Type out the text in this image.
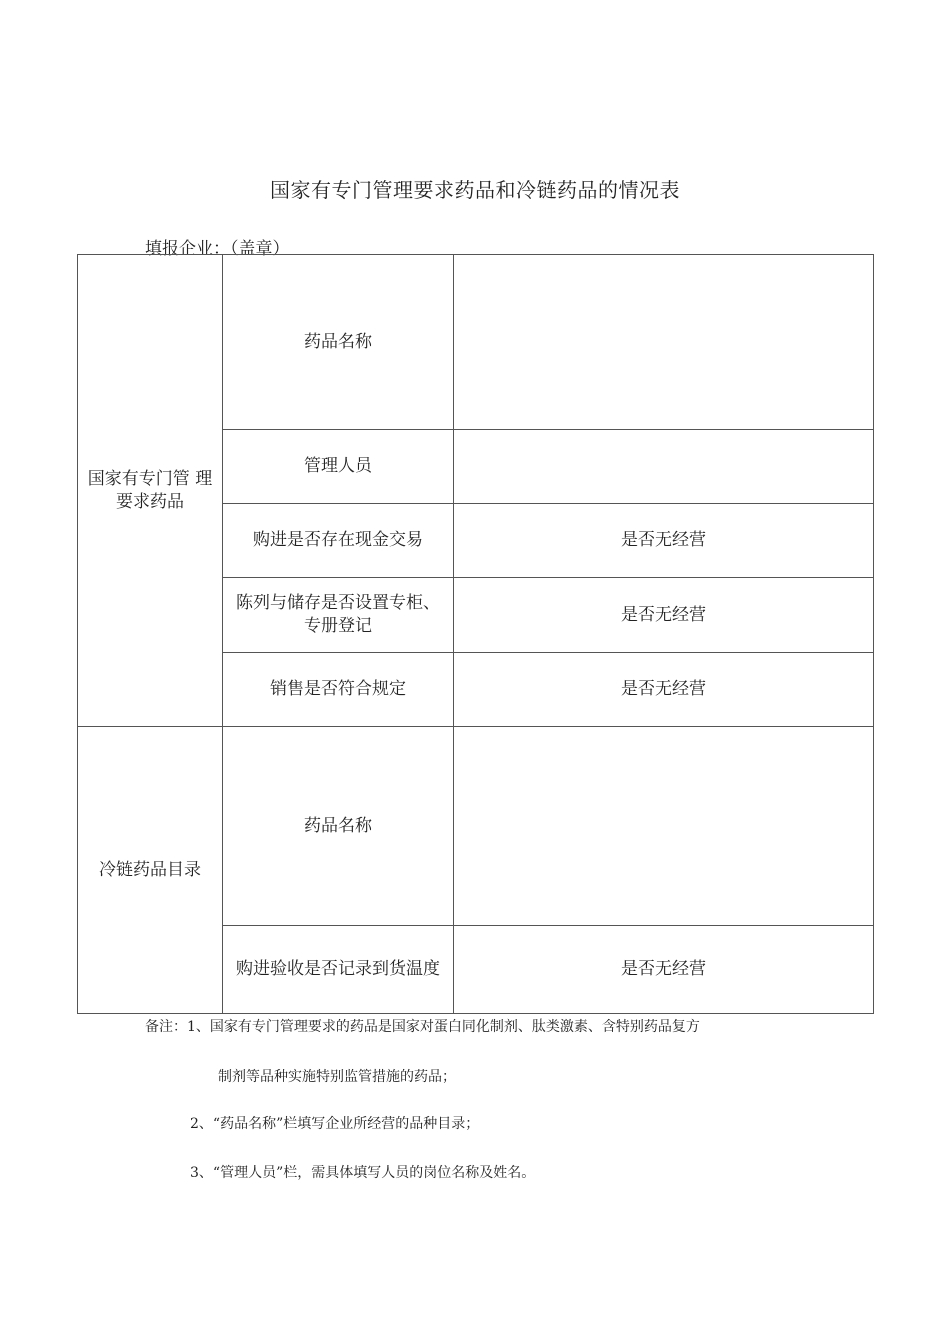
国家有专门管理要求药品和冷链药品的情况表
填报企业：（盖章）
国家有专门管 理要求药品	药品名称	
	管理人员	
	购进是否存在现金交易	是否无经营
	陈列与储存是否设置专柜、专册登记	是否无经营
	销售是否符合规定	是否无经营
冷链药品目录	药品名称	
	购进验收是否记录到货温度	是否无经营
备注：1、国家有专门管理要求的药品是国家对蛋白同化制剂、肽类激素、含特别药品复方
制剂等品种实施特别监管措施的药品；
2、“药品名称”栏填写企业所经营的品种目录；
3、“管理人员”栏，需具体填写人员的岗位名称及姓名。
